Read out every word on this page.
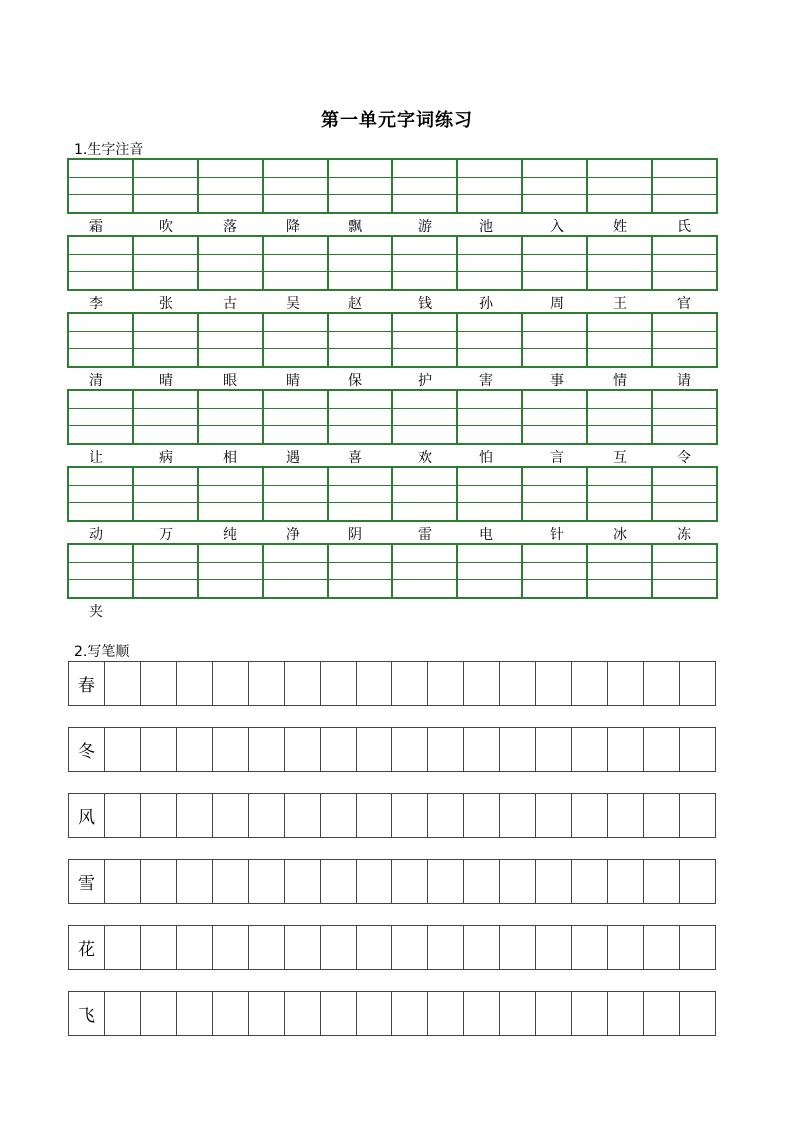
第一单元字词练习
1.生字注音

霜	吹	落	降	飘	游	池	入	姓	氏

李	张	古	吴	赵	钱	孙	周	王	官

清	晴	眼	睛	保	护	害	事	情	请

让	病	相	遇	喜	欢	怕	言	互	令

动	万	纯	净	阴	雷	电	针	冰	冻

夹
2.写笔顺
春
冬
风
雪
花
飞
